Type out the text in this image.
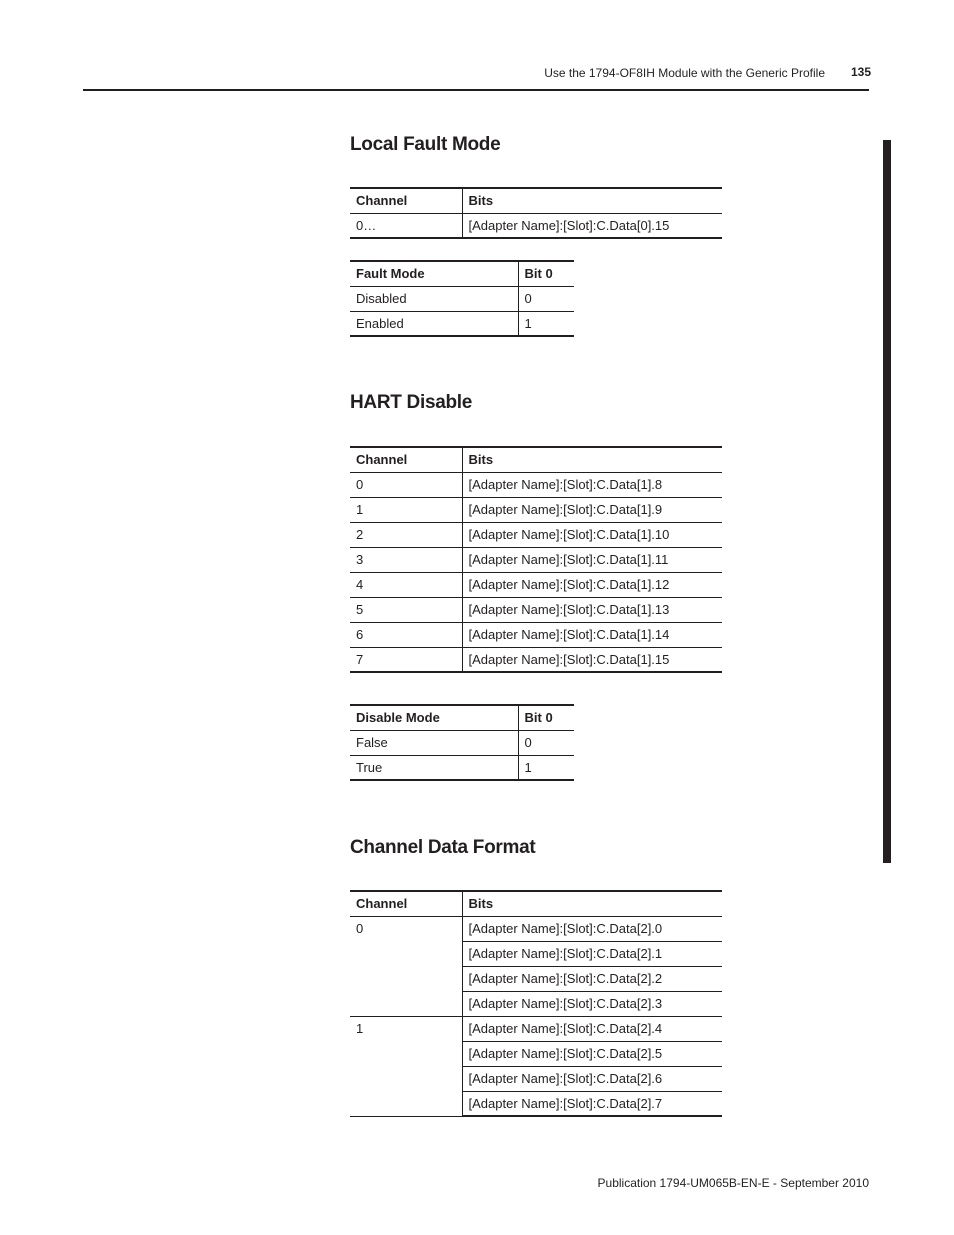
Use the 1794-OF8IH Module with the Generic Profile 135
Local Fault Mode
Channel	Bits
0…	[Adapter Name]:[Slot]:C.Data[0].15
Fault Mode	Bit 0
Disabled	0
Enabled	1
HART Disable
Channel	Bits
0	[Adapter Name]:[Slot]:C.Data[1].8
1	[Adapter Name]:[Slot]:C.Data[1].9
2	[Adapter Name]:[Slot]:C.Data[1].10
3	[Adapter Name]:[Slot]:C.Data[1].11
4	[Adapter Name]:[Slot]:C.Data[1].12
5	[Adapter Name]:[Slot]:C.Data[1].13
6	[Adapter Name]:[Slot]:C.Data[1].14
7	[Adapter Name]:[Slot]:C.Data[1].15
Disable Mode	Bit 0
False	0
True	1
Channel Data Format
Channel	Bits
0	[Adapter Name]:[Slot]:C.Data[2].0
	[Adapter Name]:[Slot]:C.Data[2].1
	[Adapter Name]:[Slot]:C.Data[2].2
	[Adapter Name]:[Slot]:C.Data[2].3
1	[Adapter Name]:[Slot]:C.Data[2].4
	[Adapter Name]:[Slot]:C.Data[2].5
	[Adapter Name]:[Slot]:C.Data[2].6
	[Adapter Name]:[Slot]:C.Data[2].7
Publication 1794-UM065B-EN-E - September 2010
